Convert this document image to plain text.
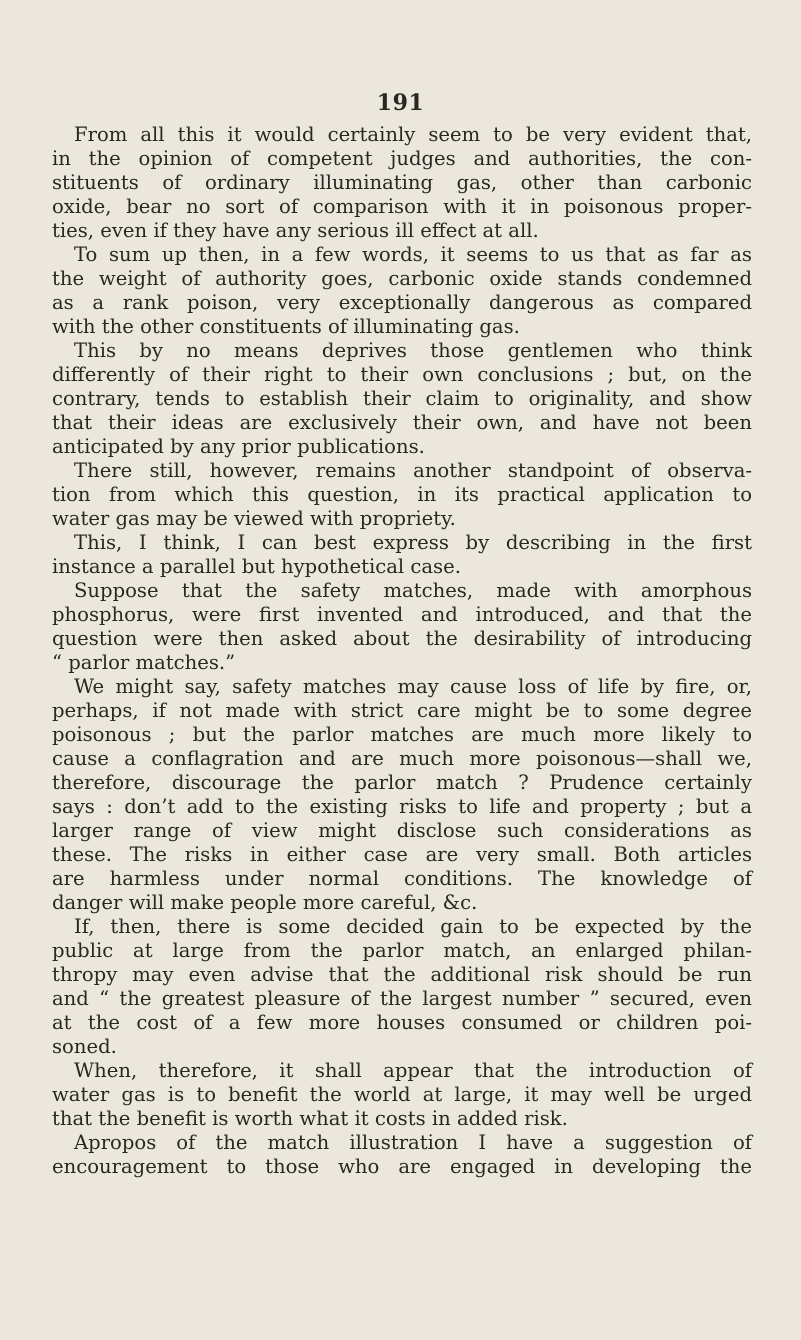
191
From all this it would certainly seem to be very evident that,
in the opinion of competent judges and authorities, the con-
stituents of ordinary illuminating gas, other than carbonic
oxide, bear no sort of comparison with it in poisonous proper-
ties, even if they have any serious ill effect at all.
To sum up then, in a few words, it seems to us that as far as
the weight of authority goes, carbonic oxide stands condemned
as a rank poison, very exceptionally dangerous as compared
with the other constituents of illuminating gas.
This by no means deprives those gentlemen who think
differently of their right to their own conclusions ; but, on the
contrary, tends to establish their claim to originality, and show
that their ideas are exclusively their own, and have not been
anticipated by any prior publications.
There still, however, remains another standpoint of observa-
tion from which this question, in its practical application to
water gas may be viewed with propriety.
This, I think, I can best express by describing in the first
instance a parallel but hypothetical case.
Suppose that the safety matches, made with amorphous
phosphorus, were first invented and introduced, and that the
question were then asked about the desirability of introducing
“ parlor matches.”
We might say, safety matches may cause loss of life by fire, or,
perhaps, if not made with strict care might be to some degree
poisonous ; but the parlor matches are much more likely to
cause a conflagration and are much more poisonous—shall we,
therefore, discourage the parlor match ? Prudence certainly
says : don’t add to the existing risks to life and property ; but a
larger range of view might disclose such considerations as
these. The risks in either case are very small. Both articles
are harmless under normal conditions. The knowledge of
danger will make people more careful, &c.
If, then, there is some decided gain to be expected by the
public at large from the parlor match, an enlarged philan-
thropy may even advise that the additional risk should be run
and “ the greatest pleasure of the largest number ” secured, even
at the cost of a few more houses consumed or children poi-
soned.
When, therefore, it shall appear that the introduction of
water gas is to benefit the world at large, it may well be urged
that the benefit is worth what it costs in added risk.
Apropos of the match illustration I have a suggestion of
encouragement to those who are engaged in developing the
